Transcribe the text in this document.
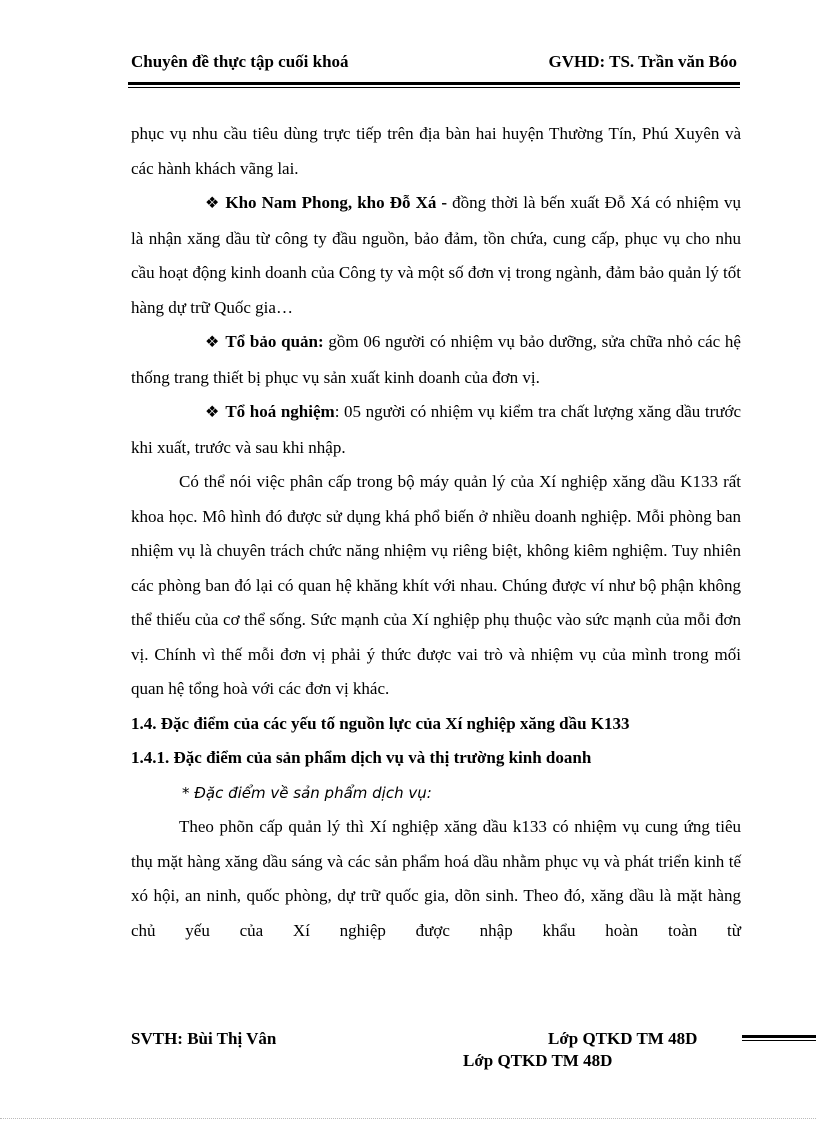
Chuyên đề thực tập cuối khoá	GVHD: TS. Trần văn Bóo

phục vụ nhu cầu tiêu dùng trực tiếp trên địa bàn hai huyện Thường Tín, Phú Xuyên và các hành khách vãng lai.

❖ Kho Nam Phong, kho Đỗ Xá - đồng thời là bến xuất Đỗ Xá có nhiệm vụ là nhận xăng dầu từ công ty đầu nguồn, bảo đảm, tồn chứa, cung cấp, phục vụ cho nhu cầu hoạt động kinh doanh của Công ty và một số đơn vị trong ngành, đảm bảo quản lý tốt hàng dự trữ Quốc gia…

❖ Tổ bảo quản: gồm 06 người có nhiệm vụ bảo dưỡng, sửa chữa nhỏ các hệ thống trang thiết bị phục vụ sản xuất kinh doanh của đơn vị.

❖ Tổ hoá nghiệm: 05 người có nhiệm vụ kiểm tra chất lượng xăng dầu trước khi xuất, trước và sau khi nhập.

Có thể nói việc phân cấp trong bộ máy quản lý của Xí nghiệp xăng dầu K133 rất khoa học. Mô hình đó được sử dụng khá phổ biến ở nhiều doanh nghiệp. Mỗi phòng ban nhiệm vụ là chuyên trách chức năng nhiệm vụ riêng biệt, không kiêm nghiệm. Tuy nhiên các phòng ban đó lại có quan hệ khăng khít với nhau. Chúng được ví như bộ phận không thể thiếu của cơ thể sống. Sức mạnh của Xí nghiệp phụ thuộc vào sức mạnh của mỗi đơn vị. Chính vì thế mỗi đơn vị phải ý thức được vai trò và nhiệm vụ của mình trong mối quan hệ tổng hoà với các đơn vị khác.

1.4. Đặc điểm của các yếu tố nguồn lực của Xí nghiệp xăng dầu K133

1.4.1. Đặc điểm của sản phẩm dịch vụ và thị trường kinh doanh

* Đặc điểm về sản phẩm dịch vụ:

Theo phõn cấp quản lý thì Xí nghiệp xăng dầu k133 có nhiệm vụ cung ứng tiêu thụ mặt hàng xăng dầu sáng và các sản phẩm hoá dầu nhằm phục vụ và phát triển kinh tế xó hội, an ninh, quốc phòng, dự trữ quốc gia, dõn sinh. Theo đó, xăng dầu là mặt hàng chủ yếu của Xí nghiệp được nhập khẩu hoàn toàn từ

SVTH: Bùi Thị Vân	Lớp QTKD TM 48D
Lớp QTKD TM 48D
